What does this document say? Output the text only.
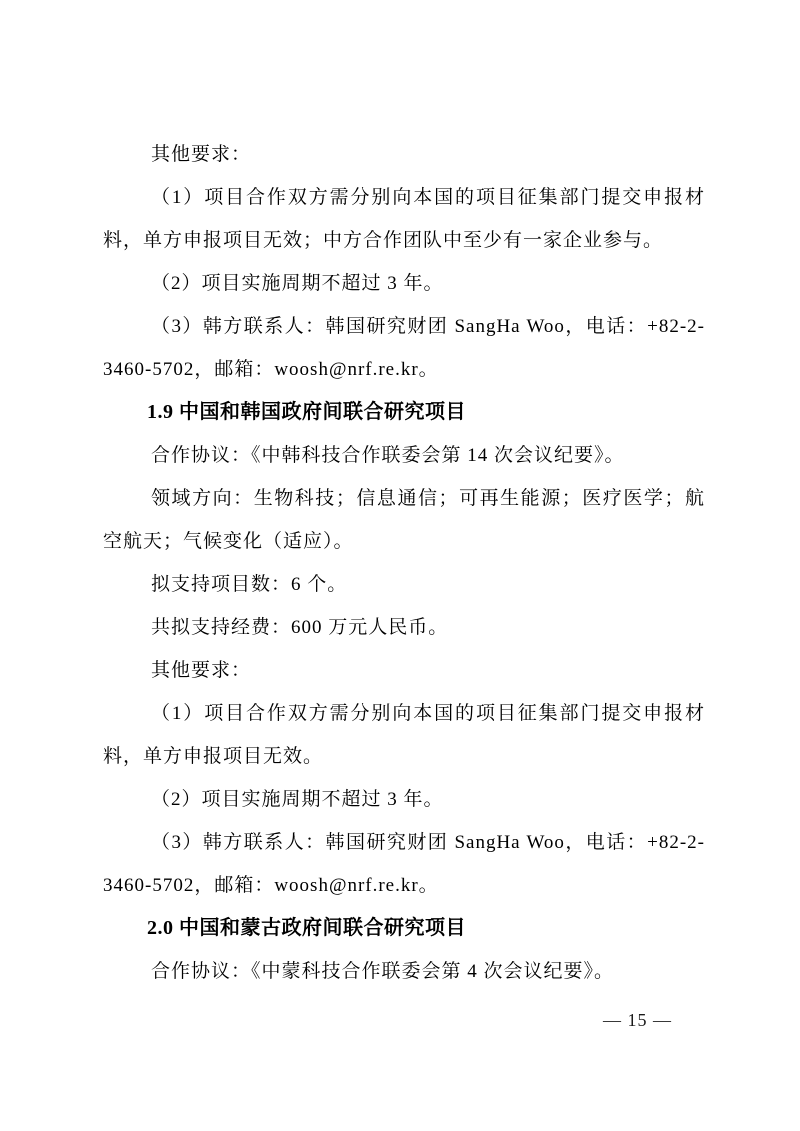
其他要求：

（1）项目合作双方需分别向本国的项目征集部门提交申报材料，单方申报项目无效；中方合作团队中至少有一家企业参与。

（2）项目实施周期不超过 3 年。

（3）韩方联系人：韩国研究财团 SangHa Woo，电话：+82-2-3460-5702，邮箱：woosh@nrf.re.kr。

1.9 中国和韩国政府间联合研究项目

合作协议：《中韩科技合作联委会第 14 次会议纪要》。

领域方向：生物科技；信息通信；可再生能源；医疗医学；航空航天；气候变化（适应）。

拟支持项目数：6 个。

共拟支持经费：600 万元人民币。

其他要求：

（1）项目合作双方需分别向本国的项目征集部门提交申报材料，单方申报项目无效。

（2）项目实施周期不超过 3 年。

（3）韩方联系人：韩国研究财团 SangHa Woo，电话：+82-2-3460-5702，邮箱：woosh@nrf.re.kr。

2.0 中国和蒙古政府间联合研究项目

合作协议：《中蒙科技合作联委会第 4 次会议纪要》。

— 15 —
